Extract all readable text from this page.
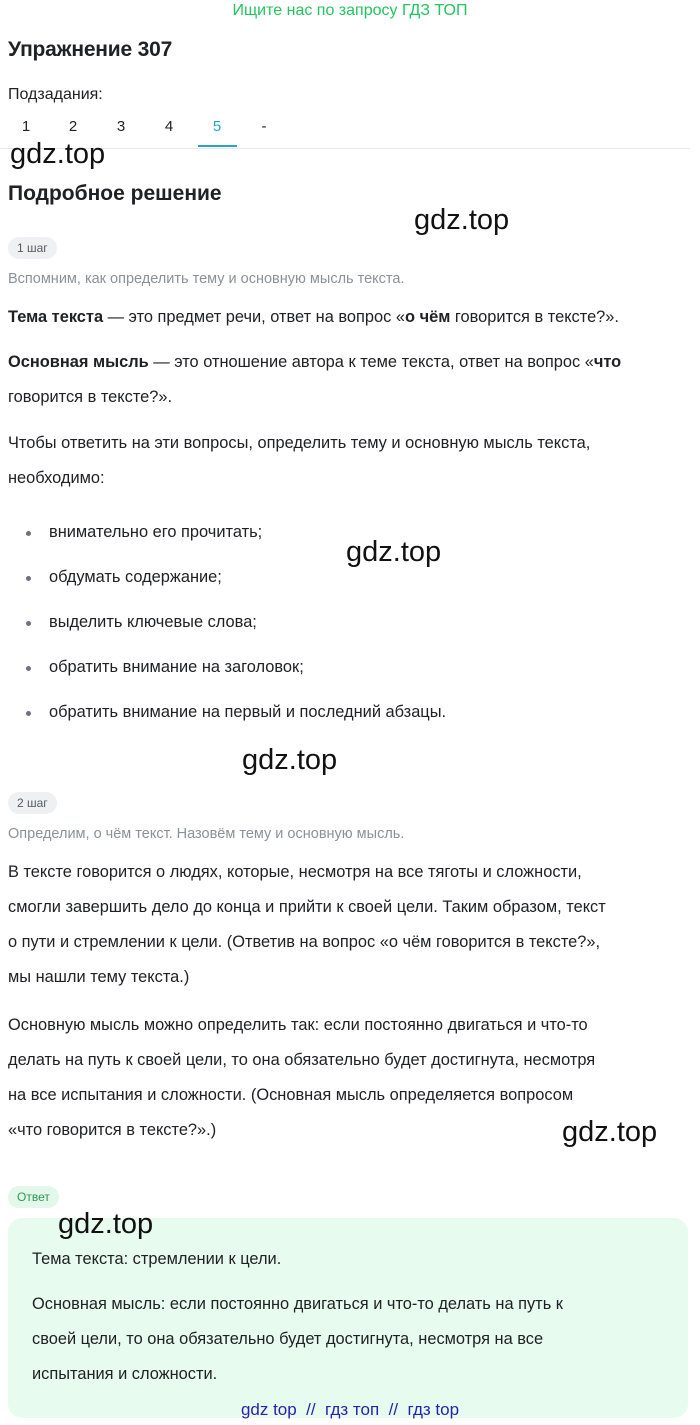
Ищите нас по запросу ГДЗ ТОП
Упражнение 307
Подзадания:
1	2	3	4	5	-
gdz.top
Подробное решение
gdz.top
1 шаг
Вспомним, как определить тему и основную мысль текста.
Тема текста — это предмет речи, ответ на вопрос «о чём говорится в тексте?».
Основная мысль — это отношение автора к теме текста, ответ на вопрос «что
говорится в тексте?».
Чтобы ответить на эти вопросы, определить тему и основную мысль текста,
необходимо:
внимательно его прочитать;
обдумать содержание;
выделить ключевые слова;
обратить внимание на заголовок;
обратить внимание на первый и последний абзацы.
gdz.top
gdz.top
2 шаг
Определим, о чём текст. Назовём тему и основную мысль.
В тексте говорится о людях, которые, несмотря на все тяготы и сложности,
смогли завершить дело до конца и прийти к своей цели. Таким образом, текст
о пути и стремлении к цели. (Ответив на вопрос «о чём говорится в тексте?»,
мы нашли тему текста.)
Основную мысль можно определить так: если постоянно двигаться и что-то
делать на путь к своей цели, то она обязательно будет достигнута, несмотря
на все испытания и сложности. (Основная мысль определяется вопросом
«что говорится в тексте?».)	gdz.top
Ответ
gdz.top
Тема текста: стремлении к цели.
Основная мысль: если постоянно двигаться и что-то делать на путь к
своей цели, то она обязательно будет достигнута, несмотря на все
испытания и сложности.
gdz top  //  гдз топ  //  гдз top
